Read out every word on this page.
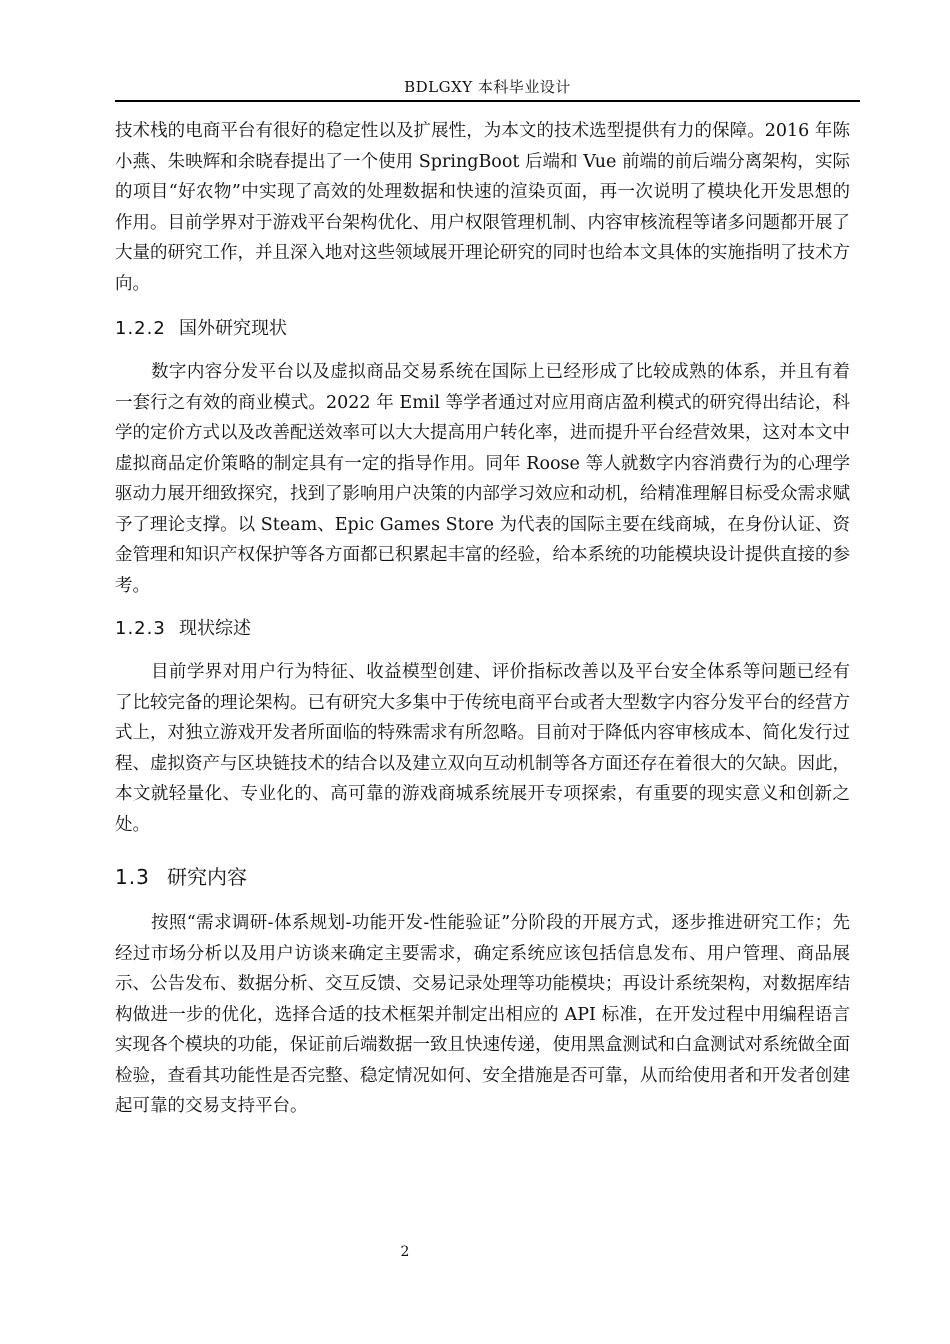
BDLGXY 本科毕业设计

技术栈的电商平台有很好的稳定性以及扩展性，为本文的技术选型提供有力的保障。2016 年陈小燕、朱映辉和余晓春提出了一个使用 SpringBoot 后端和 Vue 前端的前后端分离架构，实际的项目“好农物”中实现了高效的处理数据和快速的渲染页面，再一次说明了模块化开发思想的作用。目前学界对于游戏平台架构优化、用户权限管理机制、内容审核流程等诸多问题都开展了大量的研究工作，并且深入地对这些领域展开理论研究的同时也给本文具体的实施指明了技术方向。

1.2.2 国外研究现状

数字内容分发平台以及虚拟商品交易系统在国际上已经形成了比较成熟的体系，并且有着一套行之有效的商业模式。2022 年 Emil 等学者通过对应用商店盈利模式的研究得出结论，科学的定价方式以及改善配送效率可以大大提高用户转化率，进而提升平台经营效果，这对本文中虚拟商品定价策略的制定具有一定的指导作用。同年 Roose 等人就数字内容消费行为的心理学驱动力展开细致探究，找到了影响用户决策的内部学习效应和动机，给精准理解目标受众需求赋予了理论支撑。以 Steam、Epic Games Store 为代表的国际主要在线商城，在身份认证、资金管理和知识产权保护等各方面都已积累起丰富的经验，给本系统的功能模块设计提供直接的参考。

1.2.3 现状综述

目前学界对用户行为特征、收益模型创建、评价指标改善以及平台安全体系等问题已经有了比较完备的理论架构。已有研究大多集中于传统电商平台或者大型数字内容分发平台的经营方式上，对独立游戏开发者所面临的特殊需求有所忽略。目前对于降低内容审核成本、简化发行过程、虚拟资产与区块链技术的结合以及建立双向互动机制等各方面还存在着很大的欠缺。因此，本文就轻量化、专业化的、高可靠的游戏商城系统展开专项探索，有重要的现实意义和创新之处。

1.3 研究内容

按照“需求调研-体系规划-功能开发-性能验证”分阶段的开展方式，逐步推进研究工作；先经过市场分析以及用户访谈来确定主要需求，确定系统应该包括信息发布、用户管理、商品展示、公告发布、数据分析、交互反馈、交易记录处理等功能模块；再设计系统架构，对数据库结构做进一步的优化，选择合适的技术框架并制定出相应的 API 标准，在开发过程中用编程语言实现各个模块的功能，保证前后端数据一致且快速传递，使用黑盒测试和白盒测试对系统做全面检验，查看其功能性是否完整、稳定情况如何、安全措施是否可靠，从而给使用者和开发者创建起可靠的交易支持平台。

2
